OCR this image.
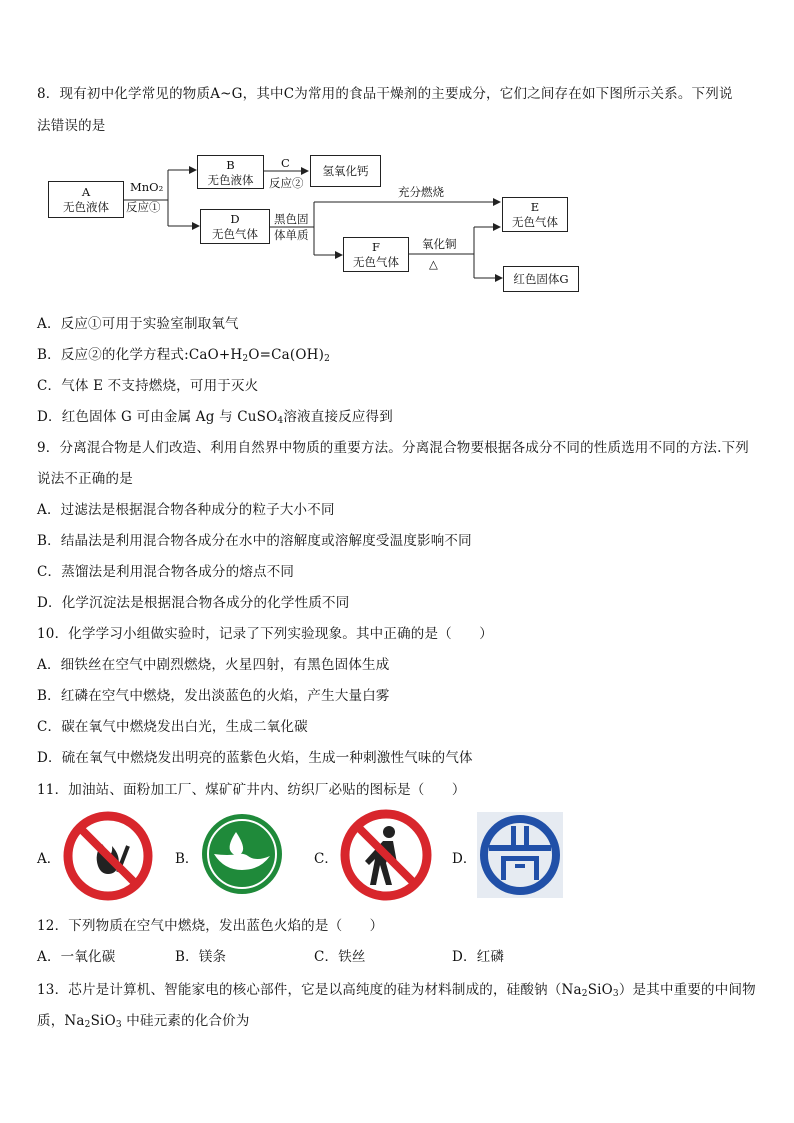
8．现有初中化学常见的物质A~G，其中C为常用的食品干燥剂的主要成分，它们之间存在如下图所示关系。下列说
法错误的是
A
无色液体
MnO₂
反应①
B
无色液体
C
反应②
氢氧化钙
D
无色气体
黑色固
体单质
充分燃烧
F
无色气体
氧化铜
△
E
无色气体
红色固体G
A．反应①可用于实验室制取氧气
B．反应②的化学方程式$:CaO+H_2O=Ca(OH)_2$
C．气体 E 不支持燃烧，可用于灭火
D．红色固体 G 可由金属 Ag 与 CuSO$_4$溶液直接反应得到
9．分离混合物是人们改造、利用自然界中物质的重要方法。分离混合物要根据各成分不同的性质选用不同的方法.下列
说法不正确的是
A．过滤法是根据混合物各种成分的粒子大小不同
B．结晶法是利用混合物各成分在水中的溶解度或溶解度受温度影响不同
C．蒸馏法是利用混合物各成分的熔点不同
D．化学沉淀法是根据混合物各成分的化学性质不同
10．化学学习小组做实验时，记录了下列实验现象。其中正确的是（　　）
A．细铁丝在空气中剧烈燃烧，火星四射，有黑色固体生成
B．红磷在空气中燃烧，发出淡蓝色的火焰，产生大量白雾
C．碳在氧气中燃烧发出白光，生成二氧化碳
D．硫在氧气中燃烧发出明亮的蓝紫色火焰，生成一种刺激性气味的气体
11．加油站、面粉加工厂、煤矿矿井内、纺织厂必贴的图标是（　　）
A．	B．	C．	D．
12．下列物质在空气中燃烧，发出蓝色火焰的是（　　）
A．一氧化碳	B．镁条	C．铁丝	D．红磷
13．芯片是计算机、智能家电的核心部件，它是以高纯度的硅为材料制成的，硅酸钠$(Na_2SiO_3)$是其中重要的中间物
质，$Na_2SiO_3$ 中硅元素的化合价为
